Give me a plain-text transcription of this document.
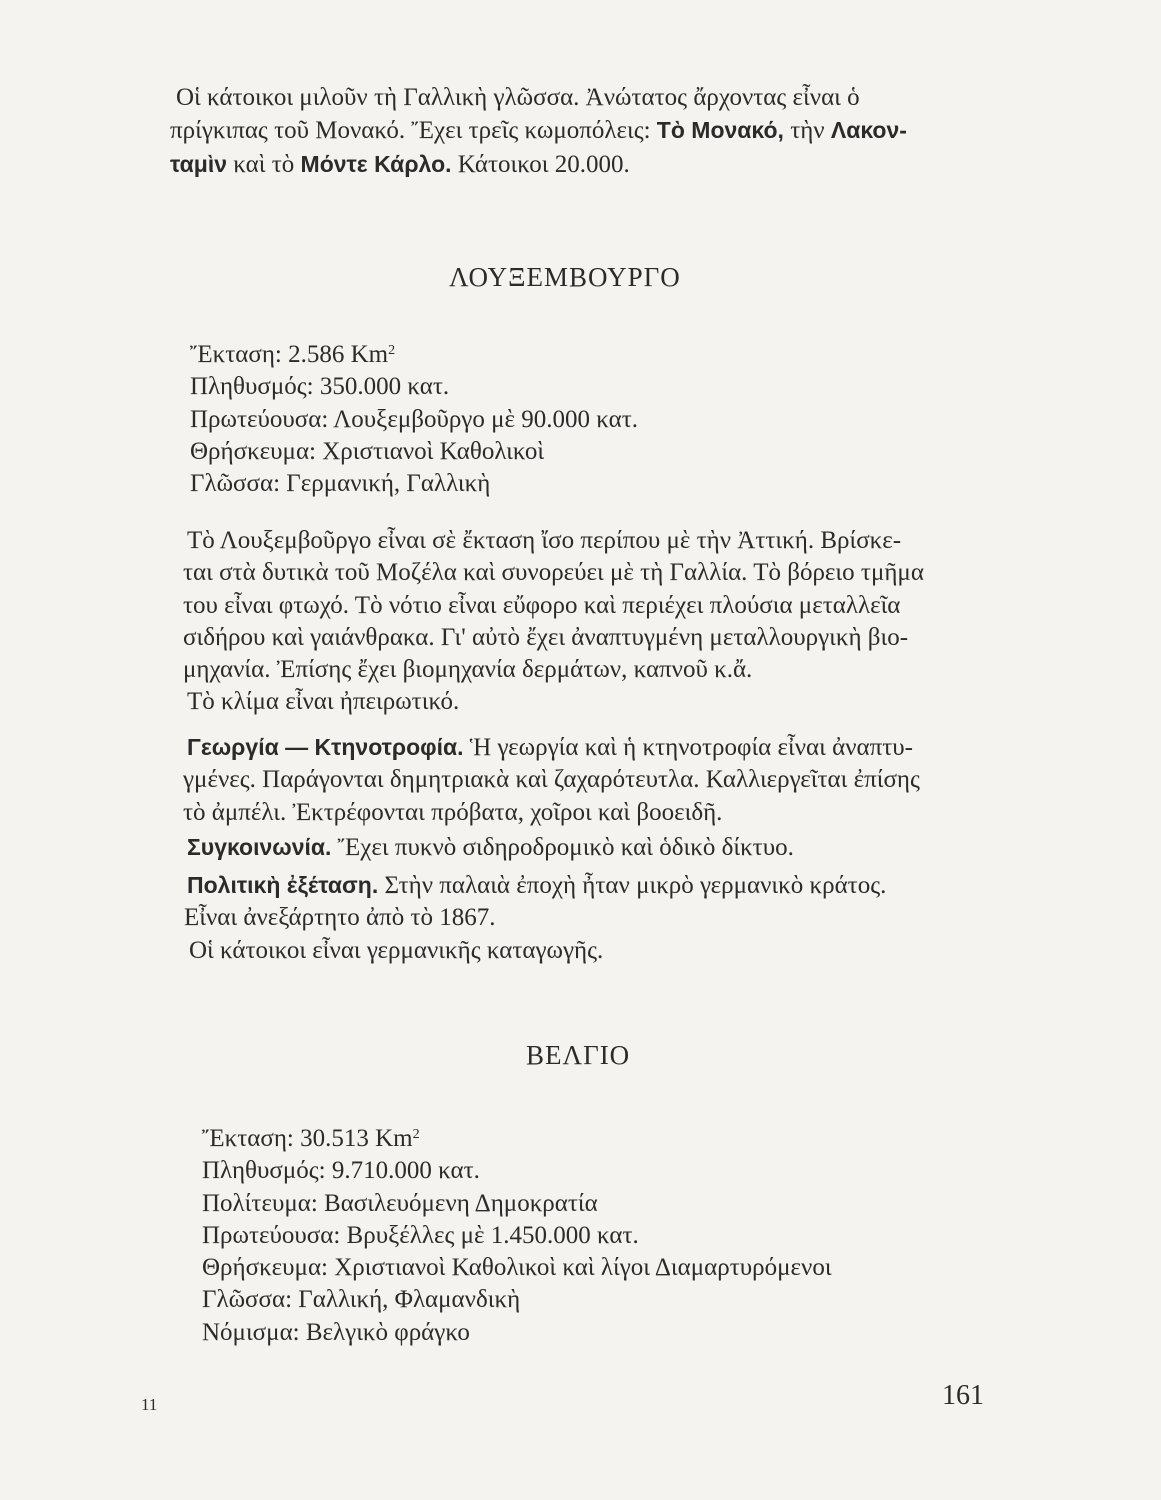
Οἱ κάτοικοι μιλοῦν τὴ Γαλλικὴ γλῶσσα. Ἀνώτατος ἄρχοντας εἶναι ὁ
πρίγκιπας τοῦ Μονακό. Ἔχει τρεῖς κωμοπόλεις: Τὸ Μονακό, τὴν Λακον-
ταμὶν καὶ τὸ Μόντε Κάρλο. Κάτοικοι 20.000.
ΛΟΥΞΕΜΒΟΥΡΓΟ
Ἔκταση: 2.586 Km$^2$
Πληθυσμός: 350.000 κατ.
Πρωτεύουσα: Λουξεμβοῦργο μὲ 90.000 κατ.
Θρήσκευμα: Χριστιανοὶ Καθολικοὶ
Γλῶσσα: Γερμανική, Γαλλικὴ
Τὸ Λουξεμβοῦργο εἶναι σὲ ἔκταση ἴσο περίπου μὲ τὴν Ἀττική. Βρίσκε-
ται στὰ δυτικὰ τοῦ Μοζέλα καὶ συνορεύει μὲ τὴ Γαλλία. Τὸ βόρειο τμῆμα
του εἶναι φτωχό. Τὸ νότιο εἶναι εὔφορο καὶ περιέχει πλούσια μεταλλεῖα
σιδήρου καὶ γαιάνθρακα. Γι' αὐτὸ ἔχει ἀναπτυγμένη μεταλλουργικὴ βιο-
μηχανία. Ἐπίσης ἔχει βιομηχανία δερμάτων, καπνοῦ κ.ἄ.
Τὸ κλίμα εἶναι ἠπειρωτικό.
Γεωργία — Κτηνοτροφία. Ἡ γεωργία καὶ ἡ κτηνοτροφία εἶναι ἀναπτυ-
γμένες. Παράγονται δημητριακὰ καὶ ζαχαρότευτλα. Καλλιεργεῖται ἐπίσης
τὸ ἀμπέλι. Ἐκτρέφονται πρόβατα, χοῖροι καὶ βοοειδῆ.
Συγκοινωνία. Ἔχει πυκνὸ σιδηροδρομικὸ καὶ ὁδικὸ δίκτυο.
Πολιτικὴ ἐξέταση. Στὴν παλαιὰ ἐποχὴ ἦταν μικρὸ γερμανικὸ κράτος.
Εἶναι ἀνεξάρτητο ἀπὸ τὸ 1867.
Οἱ κάτοικοι εἶναι γερμανικῆς καταγωγῆς.
ΒΕΛΓΙΟ
Ἔκταση: 30.513 Km$^2$
Πληθυσμός: 9.710.000 κατ.
Πολίτευμα: Βασιλευόμενη Δημοκρατία
Πρωτεύουσα: Βρυξέλλες μὲ 1.450.000 κατ.
Θρήσκευμα: Χριστιανοὶ Καθολικοὶ καὶ λίγοι Διαμαρτυρόμενοι
Γλῶσσα: Γαλλική, Φλαμανδικὴ
Νόμισμα: Βελγικὸ φράγκο
11	161
